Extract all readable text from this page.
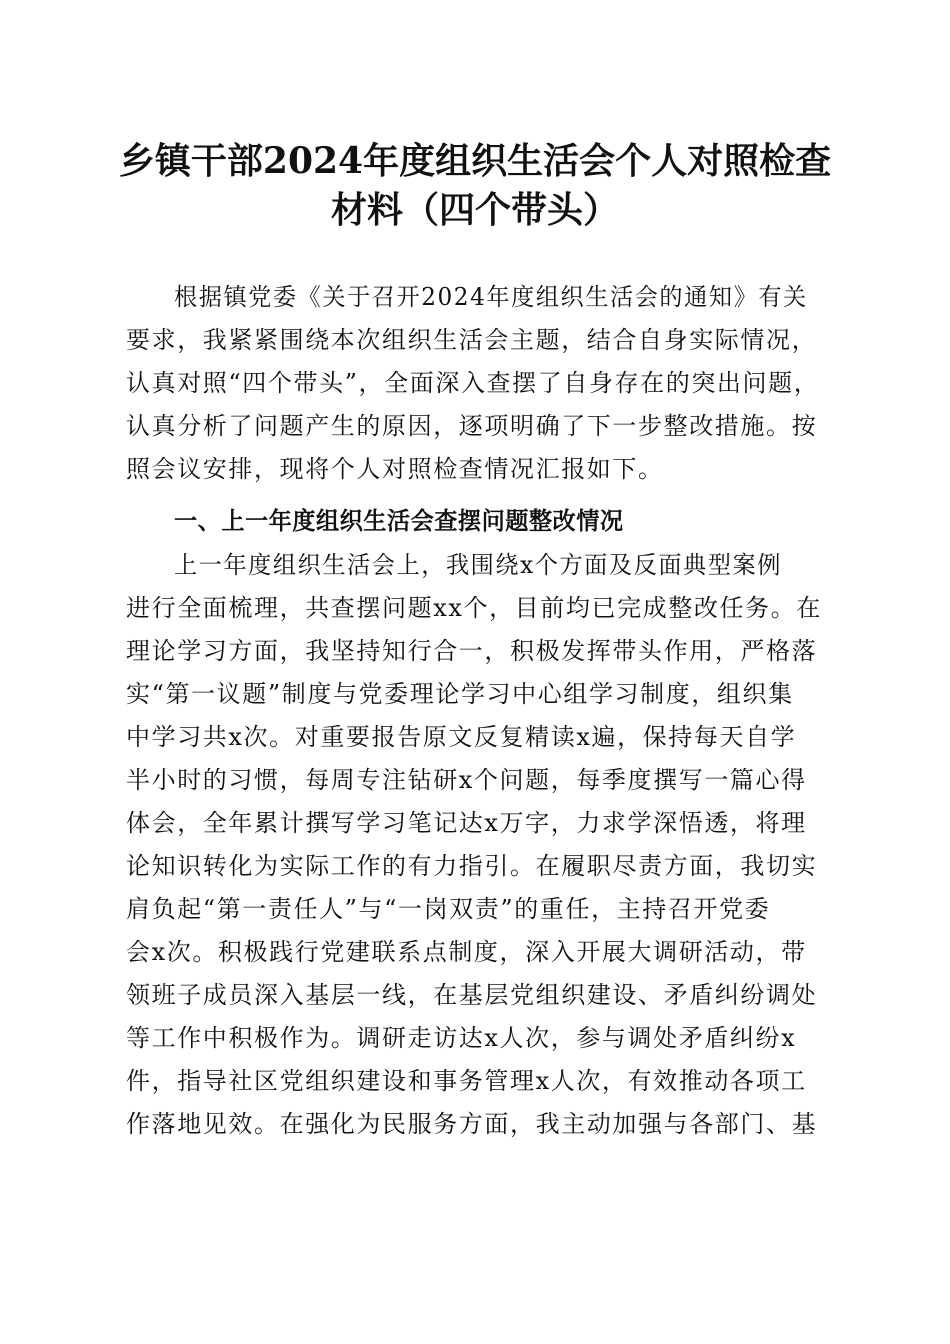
乡镇干部2024年度组织生活会个人对照检查
材料（四个带头）
根据镇党委《关于召开2024年度组织生活会的通知》有关
要求，我紧紧围绕本次组织生活会主题，结合自身实际情况，
认真对照“四个带头”，全面深入查摆了自身存在的突出问题，
认真分析了问题产生的原因，逐项明确了下一步整改措施。按
照会议安排，现将个人对照检查情况汇报如下。
一、上一年度组织生活会查摆问题整改情况
上一年度组织生活会上，我围绕x个方面及反面典型案例
进行全面梳理，共查摆问题xx个，目前均已完成整改任务。在
理论学习方面，我坚持知行合一，积极发挥带头作用，严格落
实“第一议题”制度与党委理论学习中心组学习制度，组织集
中学习共x次。对重要报告原文反复精读x遍，保持每天自学
半小时的习惯，每周专注钻研x个问题，每季度撰写一篇心得
体会，全年累计撰写学习笔记达x万字，力求学深悟透，将理
论知识转化为实际工作的有力指引。在履职尽责方面，我切实
肩负起“第一责任人”与“一岗双责”的重任，主持召开党委
会x次。积极践行党建联系点制度，深入开展大调研活动，带
领班子成员深入基层一线，在基层党组织建设、矛盾纠纷调处
等工作中积极作为。调研走访达x人次，参与调处矛盾纠纷x
件，指导社区党组织建设和事务管理x人次，有效推动各项工
作落地见效。在强化为民服务方面，我主动加强与各部门、基
